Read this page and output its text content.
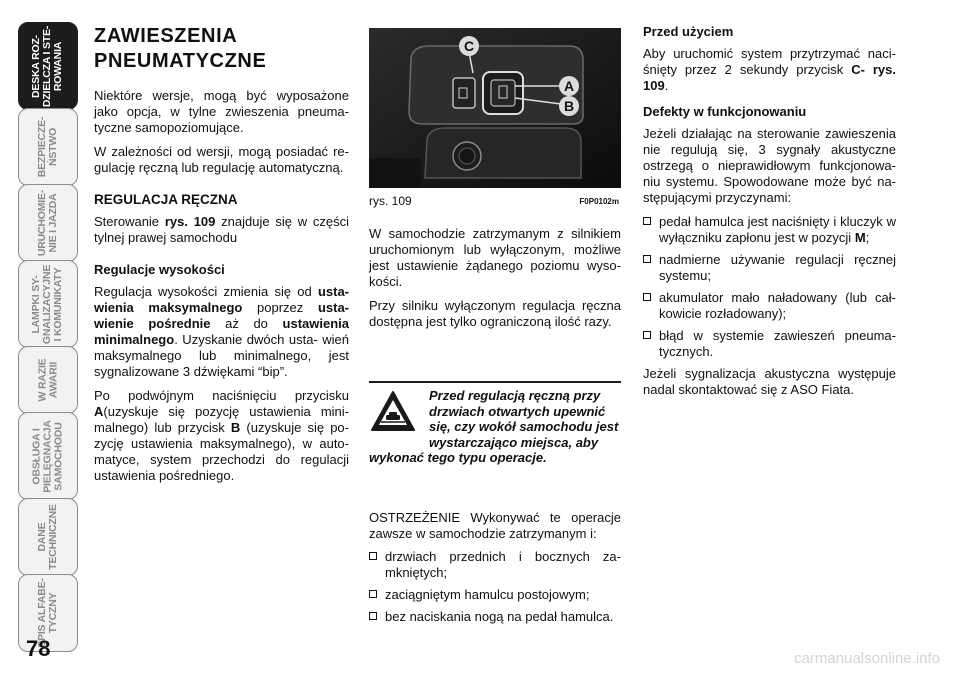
DESKA ROZ-
DZIELCZA I STE-
ROWANIA
BEZPIECZE-
ŃSTWO
URUCHOMIE-
NIE I JAZDA
LAMPKI SY-
GNALIZACYJNE
I KOMUNIKATY
W RAZIE
AWARII
OBSŁUGA I
PIELĘGNACJA
SAMOCHODU
DANE
TECHNICZNE
SPIS ALFABE-
TYCZNY
78
ZAWIESZENIA
PNEUMATYCZNE

Niektóre wersje, mogą być wyposażone jako opcja, w tylne zwieszenia pneuma- tyczne samopoziomujące.

W zależności od wersji, mogą posiadać re- gulację ręczną lub regulację automatyczną.

REGULACJA RĘCZNA

Sterowanie rys. 109 znajduje się w części tylnej prawej samochodu

Regulacje wysokości

Regulacja wysokości zmienia się od usta- wienia maksymalnego poprzez usta- wienie pośrednie aż do ustawienia minimalnego. Uzyskanie dwóch usta- wień maksymalnego lub minimalnego, jest sygnalizowane 3 dźwiękami “bip”.

Po podwójnym naciśnięciu przycisku A(uzyskuje się pozycję ustawienia mini- malnego) lub przycisk B (uzyskuje się po- zycję ustawienia maksymalnego), w auto- matyce, system przechodzi do regulacji ustawienia pośredniego.

C
A
B
rys. 109	F0P0102m

W samochodzie zatrzymanym z silnikiem uruchomionym lub wyłączonym, możliwe jest ustawienie żądanego poziomu wyso- kości.

Przy silniku wyłączonym regulacja ręczna dostępna jest tylko ograniczoną ilość razy.

Przed regulacją ręczną przy
drzwiach otwartych upewnić
się, czy wokół samochodu jest
wystarczająco miejsca, aby
wykonać tego typu operacje.

OSTRZEŻENIE Wykonywać te operacje zawsze w samochodzie zatrzymanym i:

drzwiach przednich i bocznych za- mkniętych;
zaciągniętym hamulcu postojowym;
bez naciskania nogą na pedał hamulca.
Przed użyciem

Aby uruchomić system przytrzymać naci- śnięty przez 2 sekundy przycisk C- rys. 109.

Defekty w funkcjonowaniu

Jeżeli działając na sterowanie zawieszenia nie regulują się, 3 sygnały akustyczne ostrzegą o nieprawidłowym funkcjonowa- niu systemu. Spowodowane może być na- stępującymi przyczynami:

pedał hamulca jest naciśnięty i kluczyk w wyłączniku zapłonu jest w pozycji M;
nadmierne używanie regulacji ręcznej systemu;
akumulator mało naładowany (lub cał- kowicie rozładowany);
błąd w systemie zawieszeń pneuma- tycznych.

Jeżeli sygnalizacja akustyczna występuje nadal skontaktować się z ASO Fiata.

carmanualsonline.info
